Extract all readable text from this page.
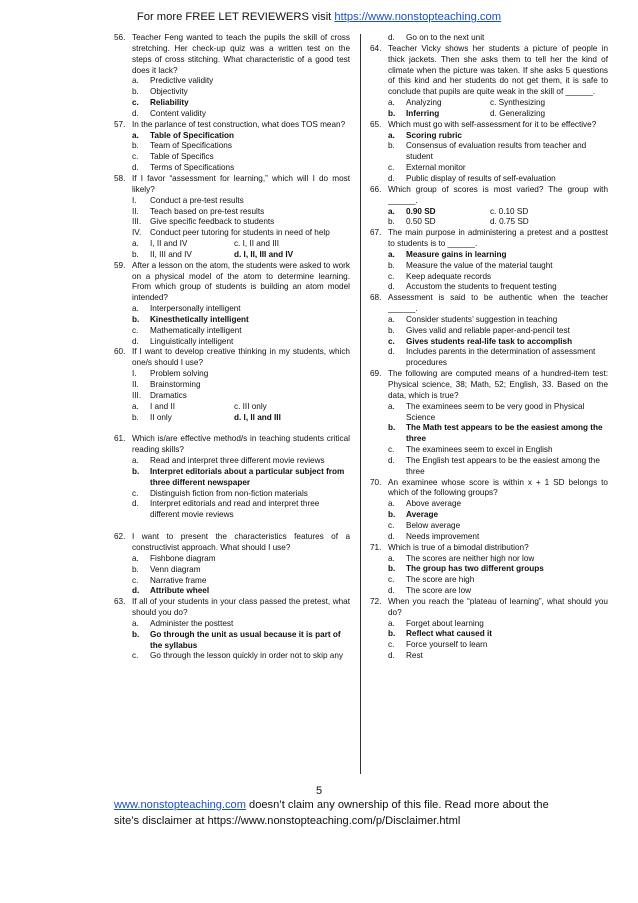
For more FREE LET REVIEWERS visit https://www.nonstopteaching.com
56. Teacher Feng wanted to teach the pupils the skill of cross stretching. Her check-up quiz was a written test on the steps of cross stitching. What characteristic of a good test does it lack?
a.	Predictive validity
b.	Objectivity
c.	Reliability
d.	Content validity
57. In the parlance of test construction, what does TOS mean?
a.	Table of Specification
b.	Team of Specifications
c.	Table of Specifics
d.	Terms of Specifications
58. If I favor “assessment for learning,” which will I do most likely?
I.	Conduct a pre-test results
II.	Teach based on pre-test results
III.	Give specific feedback to students
IV.	Conduct peer tutoring for students in need of help
a.	I, II and IV	c. I, II and III
b.	II, III and IV	d. I, II, III and IV
59. After a lesson on the atom, the students were asked to work on a physical model of the atom to determine learning. From which group of students is building an atom model intended?
a.	Interpersonally intelligent
b.	Kinesthetically intelligent
c.	Mathematically intelligent
d.	Linguistically intelligent
60. If I want to develop creative thinking in my students, which one/s should I use?
I.	Problem solving
II.	Brainstorming
III.	Dramatics
a.	I and II	c. III only
b.	II only	d. I, II and III
61. Which is/are effective method/s in teaching students critical reading skills?
a.	Read and interpret three different movie reviews
b.	Interpret editorials about a particular subject from three different newspaper
c.	Distinguish fiction from non-fiction materials
d.	Interpret editorials and read and interpret three different movie reviews
62. I want to present the characteristics features of a constructivist approach. What should I use?
a.	Fishbone diagram
b.	Venn diagram
c.	Narrative frame
d.	Attribute wheel
63. If all of your students in your class passed the pretest, what should you do?
a.	Administer the posttest
b.	Go through the unit as usual because it is part of the syllabus
c.	Go through the lesson quickly in order not to skip any
d.	Go on to the next unit
64. Teacher Vicky shows her students a picture of people in thick jackets. Then she asks them to tell her the kind of climate when the picture was taken. If she asks 5 questions of this kind and her students do not get them, it is safe to conclude that pupils are quite weak in the skill of ______.
a.	Analyzing	c. Synthesizing
b.	Inferring	d. Generalizing
65. Which must go with self-assessment for it to be effective?
a.	Scoring rubric
b.	Consensus of evaluation results from teacher and student
c.	External monitor
d.	Public display of results of self-evaluation
66. Which group of scores is most varied? The group with ______.
a.	0.90 SD	c. 0.10 SD
b.	0.50 SD	d. 0.75 SD
67. The main purpose in administering a pretest and a posttest to students is to ______.
a.	Measure gains in learning
b.	Measure the value of the material taught
c.	Keep adequate records
d.	Accustom the students to frequent testing
68. Assessment is said to be authentic when the teacher ______.
a.	Consider students’ suggestion in teaching
b.	Gives valid and reliable paper-and-pencil test
c.	Gives students real-life task to accomplish
d.	Includes parents in the determination of assessment procedures
69. The following are computed means of a hundred-item test: Physical science, 38; Math, 52; English, 33. Based on the data, which is true?
a.	The examinees seem to be very good in Physical Science
b.	The Math test appears to be the easiest among the three
c.	The examinees seem to excel in English
d.	The English test appears to be the easiest among the three
70. An examinee whose score is within x + 1 SD belongs to which of the following groups?
a.	Above average
b.	Average
c.	Below average
d.	Needs improvement
71. Which is true of a bimodal distribution?
a.	The scores are neither high nor low
b.	The group has two different groups
c.	The score are high
d.	The score are low
72. When you reach the “plateau of learning”, what should you do?
a.	Forget about learning
b.	Reflect what caused it
c.	Force yourself to learn
d.	Rest
5
www.nonstopteaching.com doesn’t claim any ownership of this file. Read more about the site’s disclaimer at https://www.nonstopteaching.com/p/Disclaimer.html
